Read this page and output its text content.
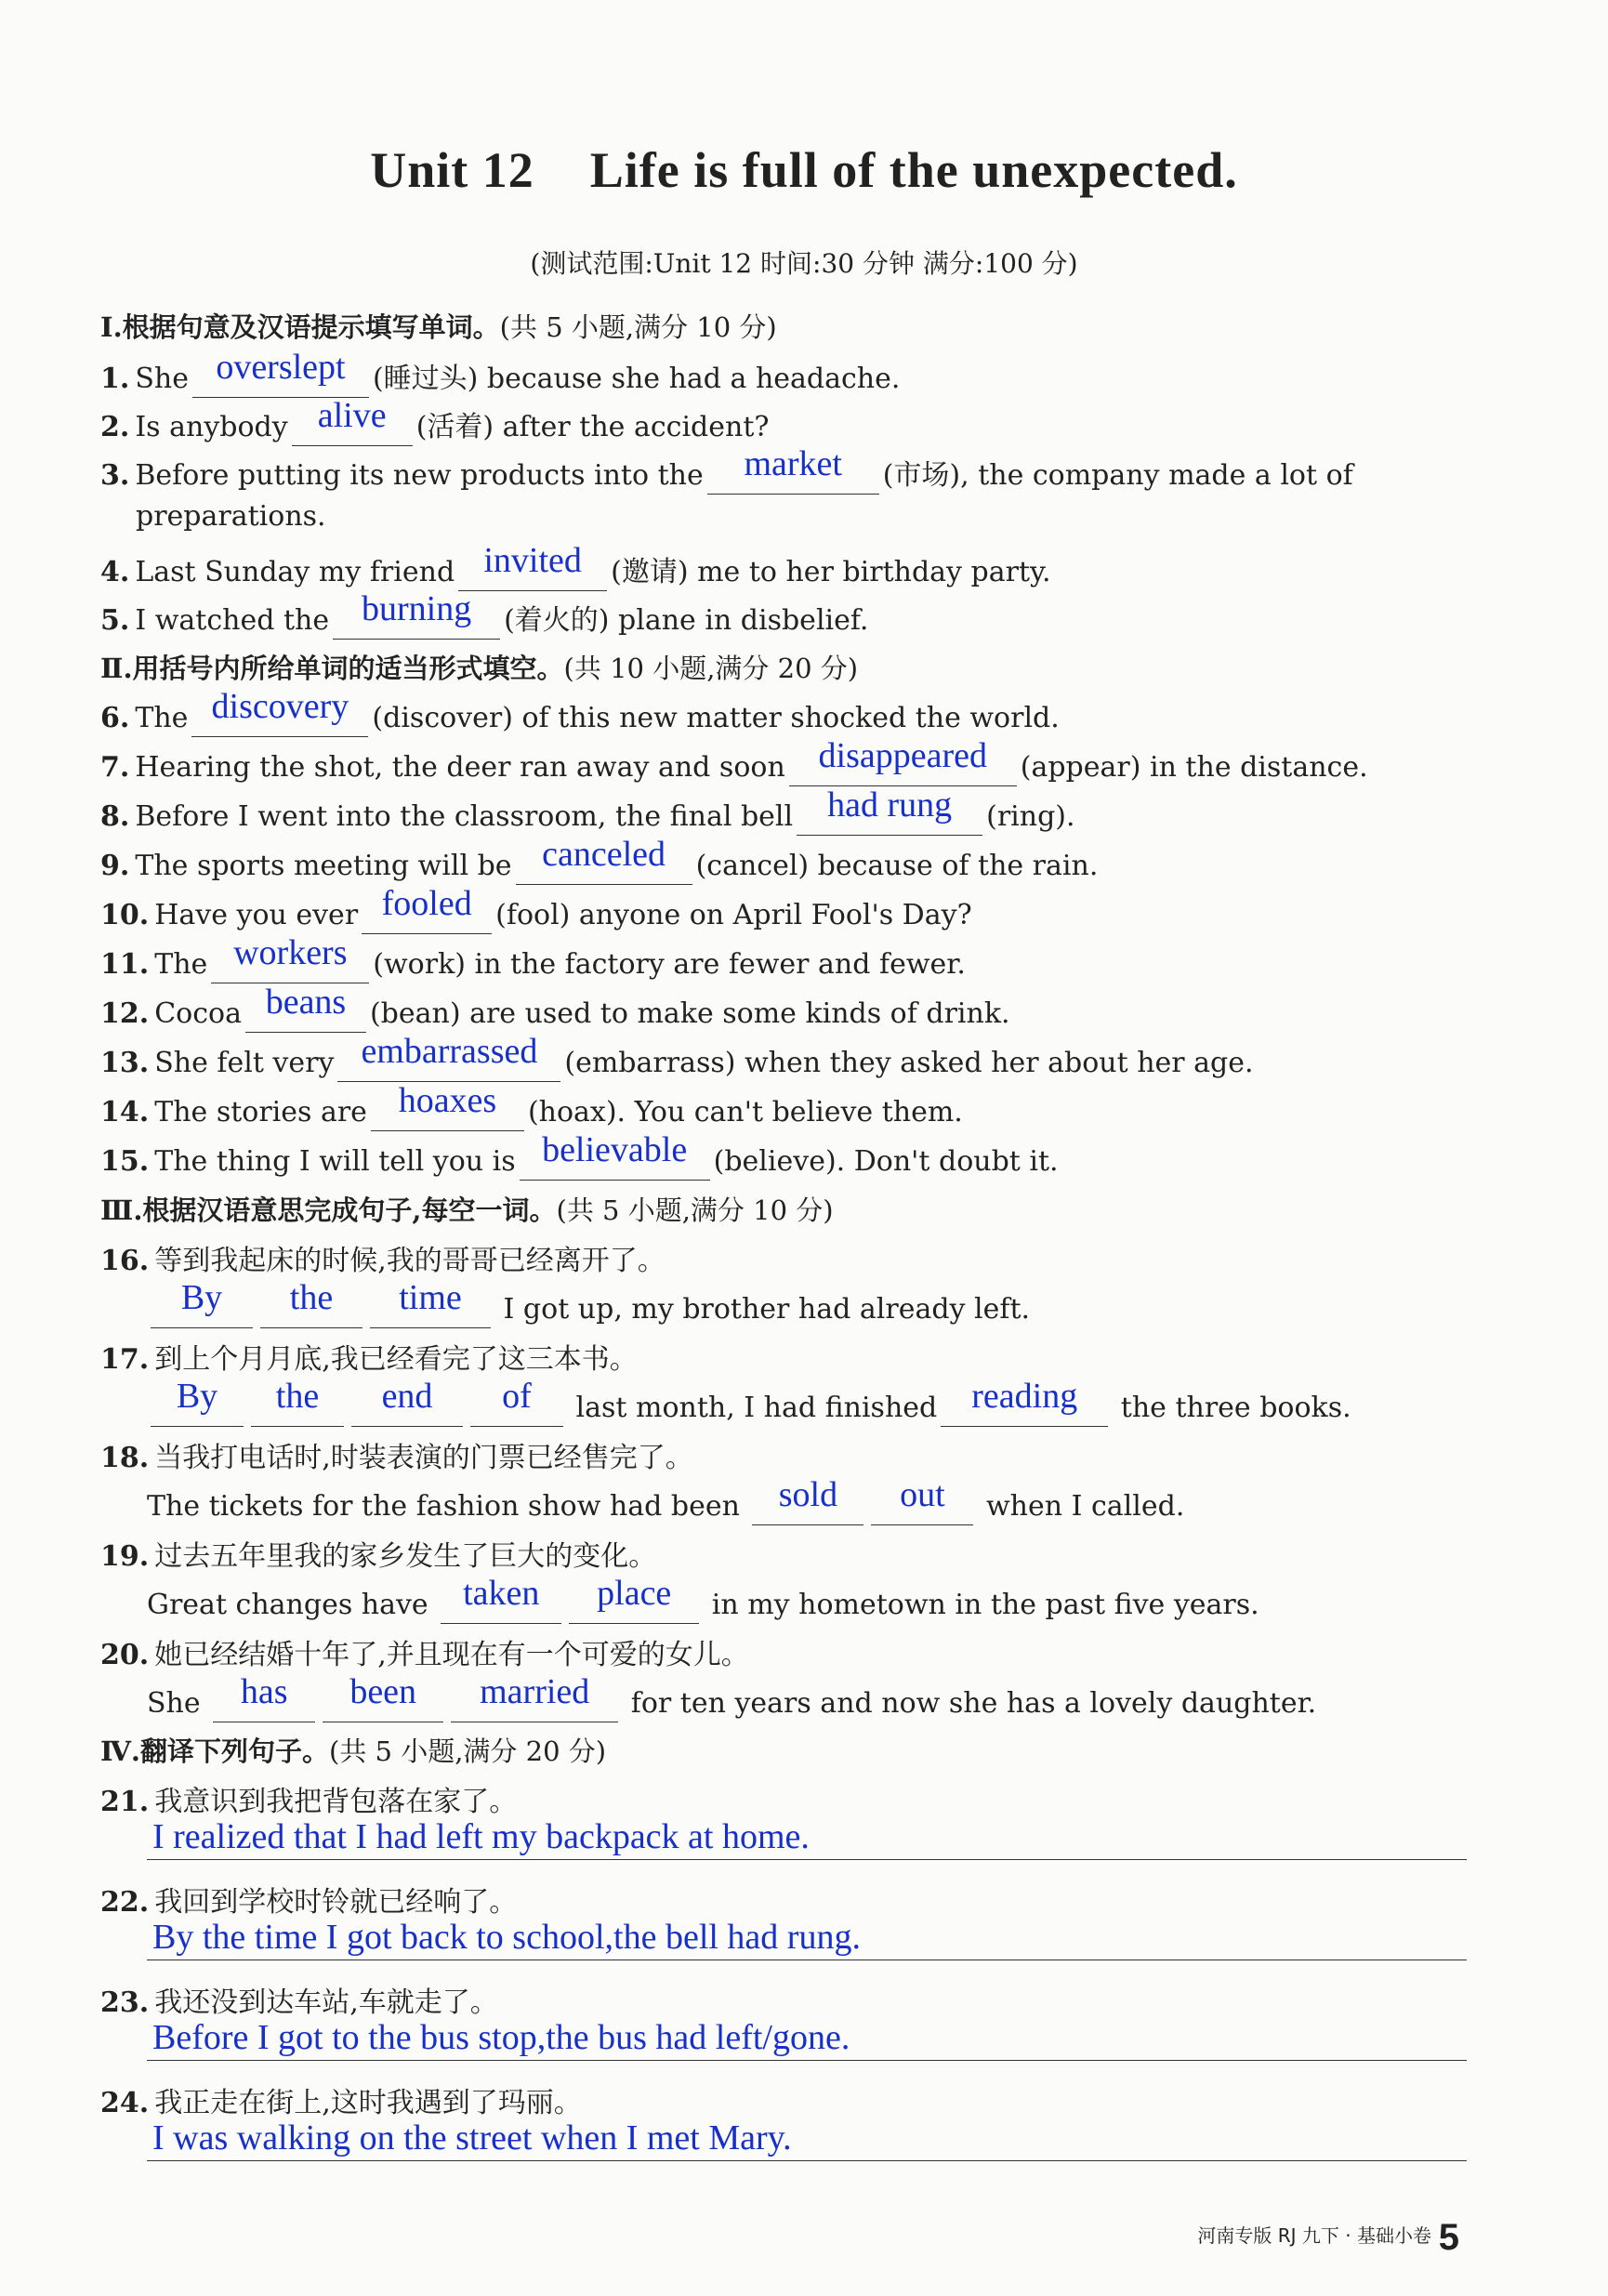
Unit 12 Life is full of the unexpected.
(测试范围:Unit 12 时间:30 分钟 满分:100 分)
Ⅰ.根据句意及汉语提示填写单词。(共 5 小题,满分 10 分)
1. She overslept (睡过头) because she had a headache.
2. Is anybody alive (活着) after the accident?
3. Before putting its new products into the market (市场), the company made a lot of
preparations.
4. Last Sunday my friend invited (邀请) me to her birthday party.
5. I watched the burning (着火的) plane in disbelief.
Ⅱ.用括号内所给单词的适当形式填空。(共 10 小题,满分 20 分)
6. The discovery (discover) of this new matter shocked the world.
7. Hearing the shot, the deer ran away and soon disappeared (appear) in the distance.
8. Before I went into the classroom, the final bell had rung (ring).
9. The sports meeting will be canceled (cancel) because of the rain.
10. Have you ever fooled (fool) anyone on April Fool's Day?
11. The workers (work) in the factory are fewer and fewer.
12. Cocoa beans (bean) are used to make some kinds of drink.
13. She felt very embarrassed (embarrass) when they asked her about her age.
14. The stories are hoaxes (hoax). You can't believe them.
15. The thing I will tell you is believable (believe). Don't doubt it.
Ⅲ.根据汉语意思完成句子,每空一词。(共 5 小题,满分 10 分)
16. 等到我起床的时候,我的哥哥已经离开了。
By the time I got up, my brother had already left.
17. 到上个月月底,我已经看完了这三本书。
By the end of last month, I had finished reading the three books.
18. 当我打电话时,时装表演的门票已经售完了。
The tickets for the fashion show had been sold out when I called.
19. 过去五年里我的家乡发生了巨大的变化。
Great changes have taken place in my hometown in the past five years.
20. 她已经结婚十年了,并且现在有一个可爱的女儿。
She has been married for ten years and now she has a lovely daughter.
Ⅳ.翻译下列句子。(共 5 小题,满分 20 分)
21. 我意识到我把背包落在家了。
I realized that I had left my backpack at home.
22. 我回到学校时铃就已经响了。
By the time I got back to school,the bell had rung.
23. 我还没到达车站,车就走了。
Before I got to the bus stop,the bus had left/gone.
24. 我正走在街上,这时我遇到了玛丽。
I was walking on the street when I met Mary.
河南专版 RJ 九下 · 基础小卷 5
